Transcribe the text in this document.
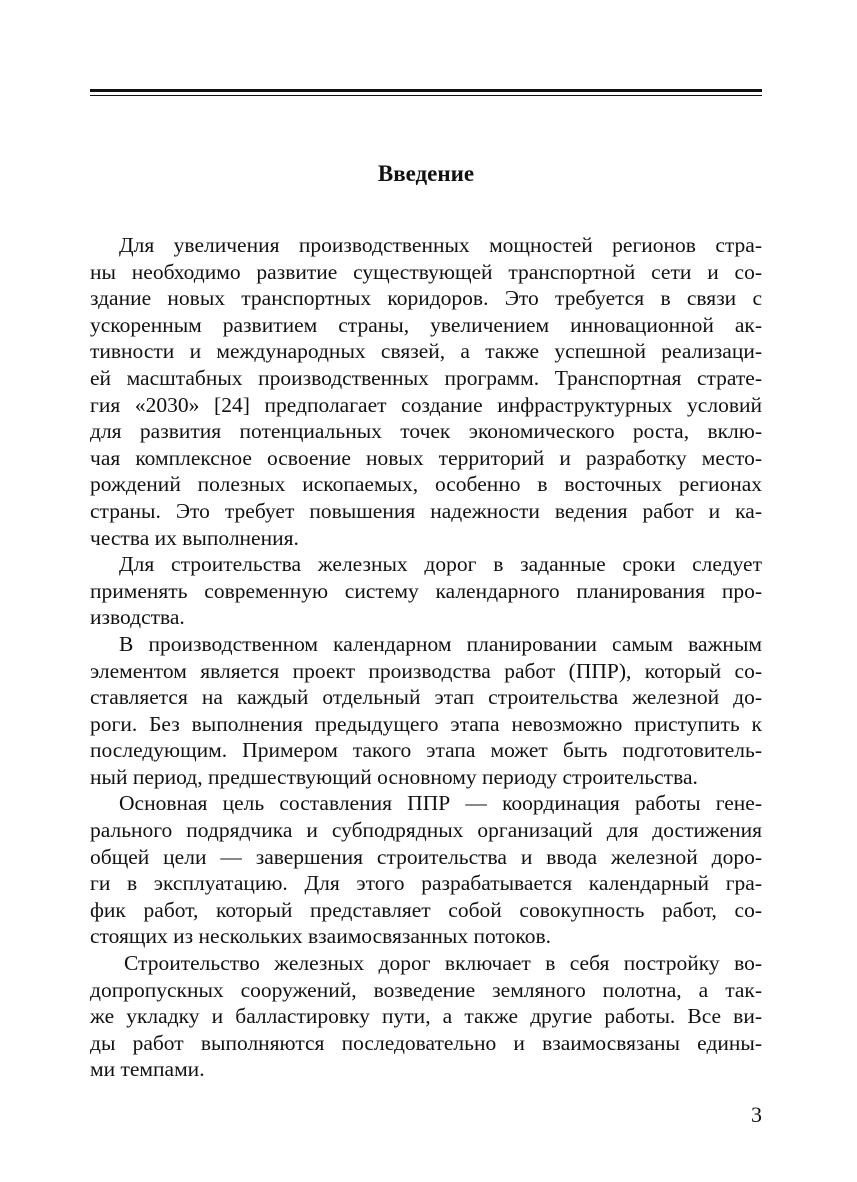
Введение
Для увеличения производственных мощностей регионов стра-
ны необходимо развитие существующей транспортной сети и со-
здание новых транспортных коридоров. Это требуется в связи с
ускоренным развитием страны, увеличением инновационной ак-
тивности и международных связей, а также успешной реализаци-
ей масштабных производственных программ. Транспортная страте-
гия «2030» [24] предполагает создание инфраструктурных условий
для развития потенциальных точек экономического роста, вклю-
чая комплексное освоение новых территорий и разработку место-
рождений полезных ископаемых, особенно в восточных регионах
страны. Это требует повышения надежности ведения работ и ка-
чества их выполнения.
Для строительства железных дорог в заданные сроки следует
применять современную систему календарного планирования про-
изводства.
В производственном календарном планировании самым важным
элементом является проект производства работ (ППР), который со-
ставляется на каждый отдельный этап строительства железной до-
роги. Без выполнения предыдущего этапа невозможно приступить к
последующим. Примером такого этапа может быть подготовитель-
ный период, предшествующий основному периоду строительства.
Основная цель составления ППР — координация работы гене-
рального подрядчика и субподрядных организаций для достижения
общей цели — завершения строительства и ввода железной доро-
ги в эксплуатацию. Для этого разрабатывается календарный гра-
фик работ, который представляет собой совокупность работ, со-
стоящих из нескольких взаимосвязанных потоков.
Строительство железных дорог включает в себя постройку во-
допропускных сооружений, возведение земляного полотна, а так-
же укладку и балластировку пути, а также другие работы. Все ви-
ды работ выполняются последовательно и взаимосвязаны едины-
ми темпами.
3
